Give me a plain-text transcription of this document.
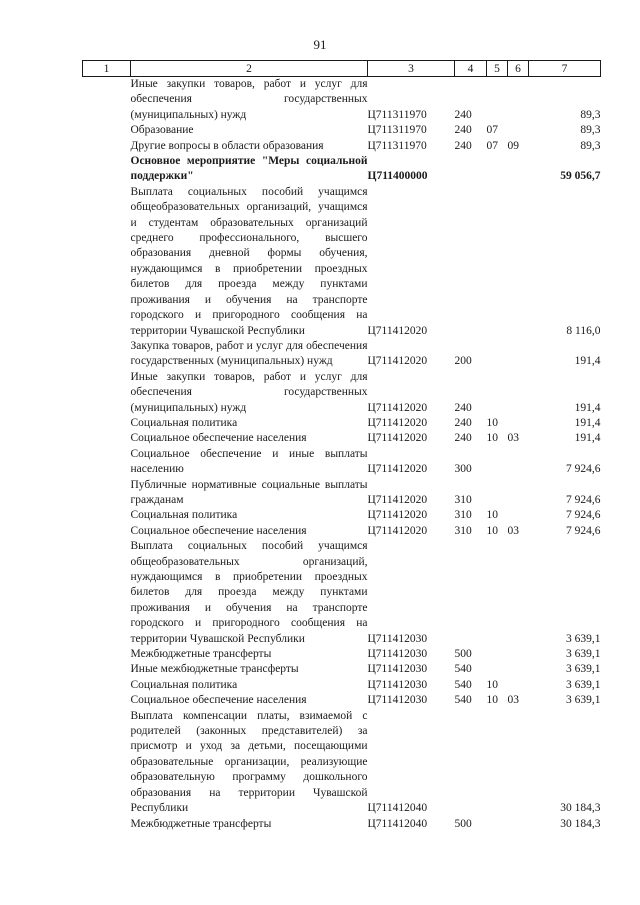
91
1	2	3	4	5	6	7
	Иные закупки товаров, работ и услуг для обеспечения государственных (муниципальных) нужд	Ц711311970	240			89,3
	Образование	Ц711311970	240	07		89,3
	Другие вопросы в области образования	Ц711311970	240	07	09	89,3
	Основное мероприятие "Меры социальной поддержки"	Ц711400000				59 056,7
	Выплата социальных пособий учащимся общеобразовательных организаций, учащимся и студентам образовательных организаций среднего профессионального, высшего образования дневной формы обучения, нуждающимся в приобретении проездных билетов для проезда между пунктами проживания и обучения на транспорте городского и пригородного сообщения на территории Чувашской Республики	Ц711412020				8 116,0
	Закупка товаров, работ и услуг для обеспечения государственных (муниципальных) нужд	Ц711412020	200			191,4
	Иные закупки товаров, работ и услуг для обеспечения государственных (муниципальных) нужд	Ц711412020	240			191,4
	Социальная политика	Ц711412020	240	10		191,4
	Социальное обеспечение населения	Ц711412020	240	10	03	191,4
	Социальное обеспечение и иные выплаты населению	Ц711412020	300			7 924,6
	Публичные нормативные социальные выплаты гражданам	Ц711412020	310			7 924,6
	Социальная политика	Ц711412020	310	10		7 924,6
	Социальное обеспечение населения	Ц711412020	310	10	03	7 924,6
	Выплата социальных пособий учащимся общеобразовательных организаций, нуждающимся в приобретении проездных билетов для проезда между пунктами проживания и обучения на транспорте городского и пригородного сообщения на территории Чувашской Республики	Ц711412030				3 639,1
	Межбюджетные трансферты	Ц711412030	500			3 639,1
	Иные межбюджетные трансферты	Ц711412030	540			3 639,1
	Социальная политика	Ц711412030	540	10		3 639,1
	Социальное обеспечение населения	Ц711412030	540	10	03	3 639,1
	Выплата компенсации платы, взимаемой с родителей (законных представителей) за присмотр и уход за детьми, посещающими образовательные организации, реализующие образовательную программу дошкольного образования на территории Чувашской Республики	Ц711412040				30 184,3
	Межбюджетные трансферты	Ц711412040	500			30 184,3
